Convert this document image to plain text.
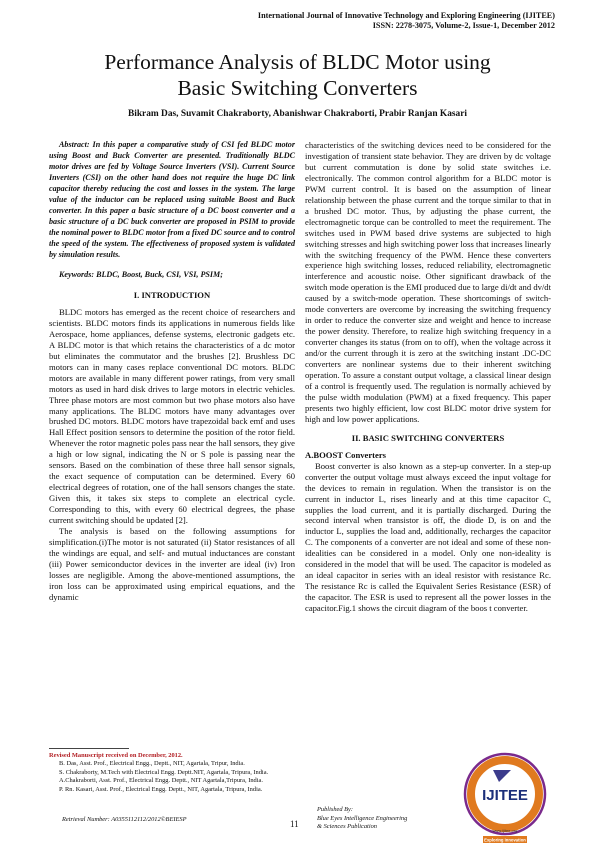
International Journal of Innovative Technology and Exploring Engineering (IJITEE)
ISSN: 2278-3075, Volume-2, Issue-1, December 2012
Performance Analysis of BLDC Motor using
Basic Switching Converters
Bikram Das, Suvamit Chakraborty, Abanishwar Chakraborti, Prabir Ranjan Kasari
Abstract: In this paper a comparative study of CSI fed BLDC motor using Boost and Buck Converter are presented. Traditionally BLDC motor drives are fed by Voltage Source Inverters (VSI). Current Source Inverters (CSI) on the other hand does not require the huge DC link capacitor thereby reducing the cost and losses in the system. The large value of the inductor can be replaced using suitable Boost and Buck converter. In this paper a basic structure of a DC boost converter and a basic structure of a DC buck converter are proposed in PSIM to provide the nominal power to BLDC motor from a fixed DC source and to control the speed of the system. The effectiveness of proposed system is validated by simulation results.
Keywords: BLDC, Boost, Buck, CSI, VSI, PSIM;

I. INTRODUCTION

BLDC motors has emerged as the recent choice of researchers and scientists. BLDC motors finds its applications in numerous fields like Aerospace, home appliances, defense systems, electronic gadgets etc. A BLDC motor is that which retains the characteristics of a dc motor but eliminates the commutator and the brushes [2]. Brushless DC motors can in many cases replace conventional DC motors. BLDC motors are available in many different power ratings, from very small motors as used in hard disk drives to large motors in electric vehicles. Three phase motors are most common but two phase motors also have many applications. The BLDC motors have many advantages over brushed DC motors. BLDC motors have trapezoidal back emf and uses Hall Effect position sensors to determine the position of the rotor field. Whenever the rotor magnetic poles pass near the hall sensors, they give a high or low signal, indicating the N or S pole is passing near the sensors. Based on the combination of these three hall sensor signals, the exact sequence of computation can be determined. Every 60 electrical degrees of rotation, one of the hall sensors changes the state. Given this, it takes six steps to complete an electrical cycle. Corresponding to this, with every 60 electrical degrees, the phase current switching should be updated [2].

The analysis is based on the following assumptions for simplification.(i)The motor is not saturated (ii) Stator resistances of all the windings are equal, and self- and mutual inductances are constant (iii) Power semiconductor devices in the inverter are ideal (iv) Iron losses are negligible. Among the above-mentioned assumptions, the iron loss can be approximated using empirical equations, and the dynamic

Revised Manuscript received on December, 2012.

B. Das, Asst. Prof., Electrical Engg., Deptt., NIT, Agartala, Tripur, India.

S. Chakraborty, M.Tech with Electrical Engg. Deptt.NIT, Agartala, Tripura, India.

A.Chakraborti, Asst. Prof., Electrical Engg. Deptt., NIT Agartala,Tripura, India.

P. Rn. Kasari, Asst. Prof., Electrical Engg. Deptt., NIT, Agartala, Tripura, India.

characteristics of the switching devices need to be considered for the investigation of transient state behavior. They are driven by dc voltage but current commutation is done by solid state switches i.e. electronically. The common control algorithm for a BLDC motor is PWM current control. It is based on the assumption of linear relationship between the phase current and the torque similar to that in a brushed DC motor. Thus, by adjusting the phase current, the electromagnetic torque can be controlled to meet the requirement. The switches used in PWM based drive systems are subjected to high switching stresses and high switching power loss that increases linearly with the switching frequency of the PWM. Hence these converters experience high switching losses, reduced reliability, electromagnetic interference and acoustic noise. Other significant drawback of the switch mode operation is the EMI produced due to large di/dt and dv/dt caused by a switch-mode operation. These shortcomings of switch-mode converters are overcome by increasing the switching frequency in order to reduce the converter size and weight and hence to increase the power density. Therefore, to realize high switching frequency in a converter changes its status (from on to off), when the voltage across it and/or the current through it is zero at the switching instant .DC-DC converters are nonlinear systems due to their inherent switching operation. To assure a constant output voltage, a classical linear design of a control is frequently used. The regulation is normally achieved by the pulse width modulation (PWM) at a fixed frequency. This paper presents two highly efficient, low cost BLDC motor drive system for high and low power applications.

II. BASIC SWITCHING CONVERTERS

A.BOOST Converters

Boost converter is also known as a step-up converter. In a step-up converter the output voltage must always exceed the input voltage for the devices to remain in regulation. When the transistor is on the current in inductor L, rises linearly and at this time capacitor C, supplies the load current, and it is partially discharged. During the second interval when transistor is off, the diode D, is on and the inductor L, supplies the load and, additionally, recharges the capacitor C. The components of a converter are not ideal and some of these non-idealities can be considered in a model. Only one non-ideality is considered in the model that will be used. The capacitor is modeled as an ideal capacitor in series with an ideal resistor with resistance Rc. The resistance Rc is called the Equivalent Series Resistance (ESR) of the capacitor. The ESR is used to represent all the power losses in the capacitor.Fig.1 shows the circuit diagram of the boos t converter.

Retrieval Number: A0355112112/2012©BEIESP	11
Published By:
Blue Eyes Intelligence Engineering
& Sciences Publication
IJITEE
www.ijitee.org
Exploring Innovation
